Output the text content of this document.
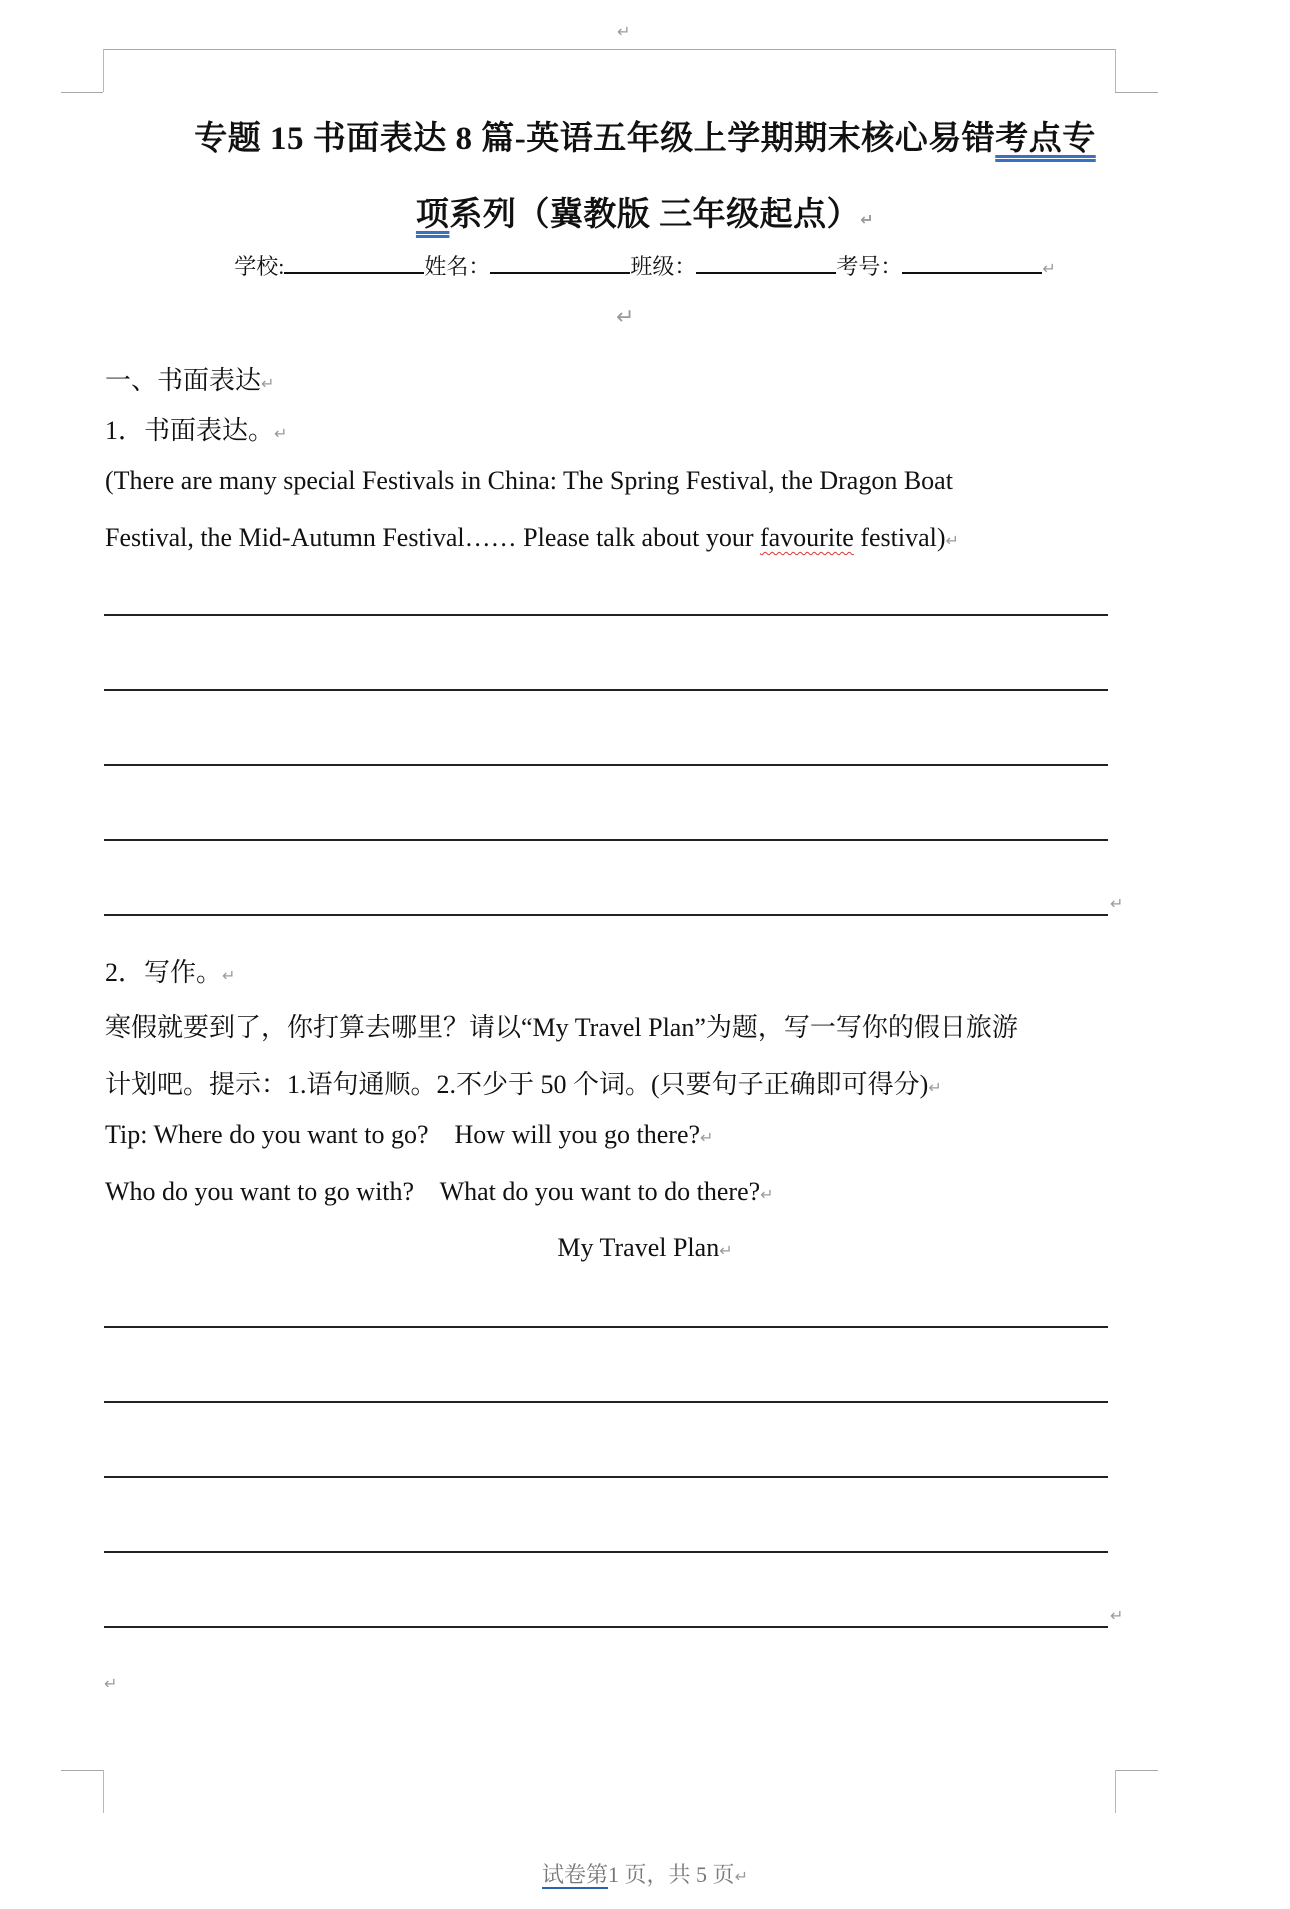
↵
专题 15 书面表达 8 篇-英语五年级上学期期末核心易错考点专
项系列（冀教版 三年级起点）↵
学校:	姓名：	班级：	考号：	↵
↵
一、书面表达↵
1．书面表达。↵
(There are many special Festivals in China: The Spring Festival, the Dragon Boat
Festival, the Mid-Autumn Festival…… Please talk about your favourite festival)↵
↵
2．写作。↵
寒假就要到了，你打算去哪里？请以“My Travel Plan”为题，写一写你的假日旅游
计划吧。提示：1.语句通顺。2.不少于 50 个词。(只要句子正确即可得分)↵
Tip: Where do you want to go?    How will you go there?↵
Who do you want to go with?    What do you want to do there?↵
My Travel Plan↵
↵
↵
试卷第1 页，共 5 页↵
